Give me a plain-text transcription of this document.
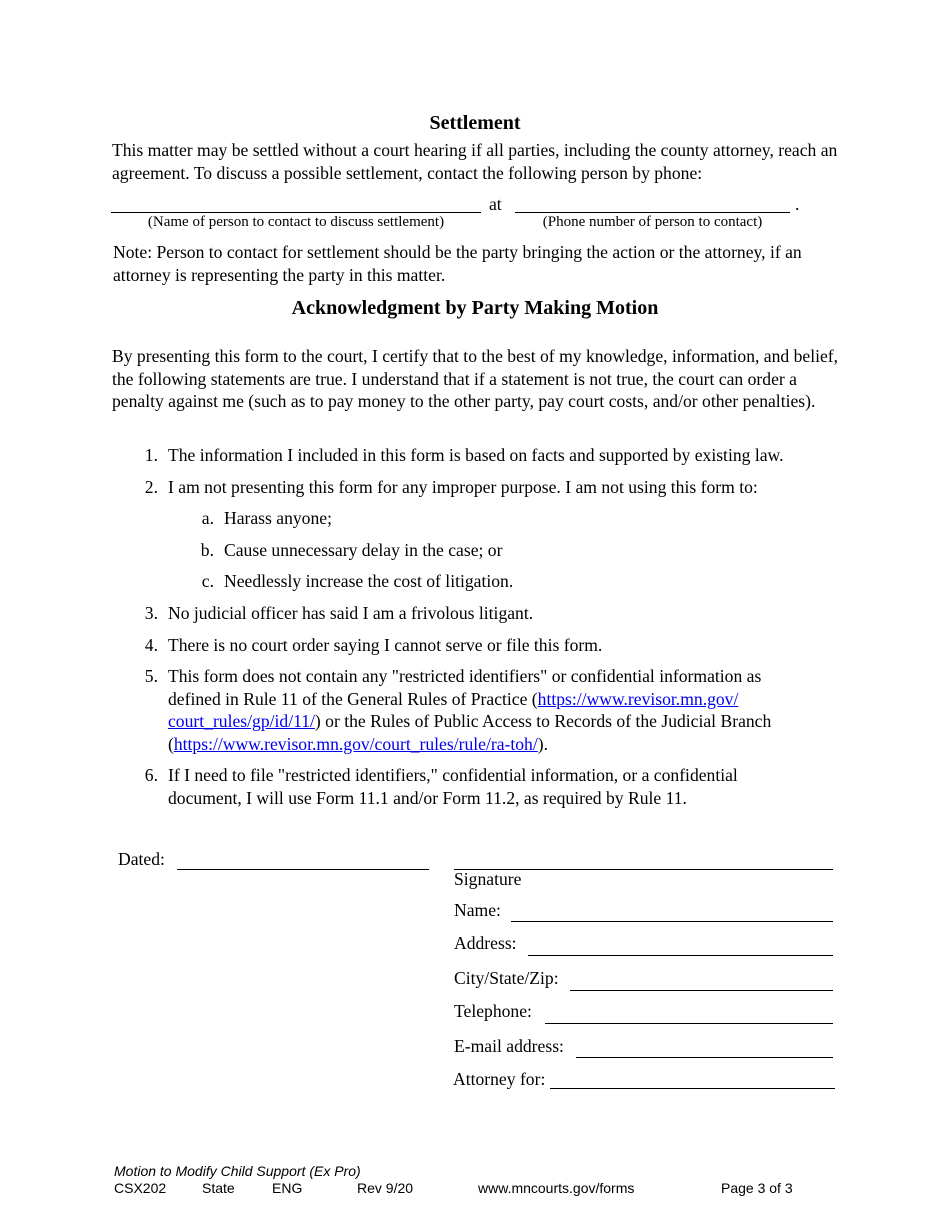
Settlement
This matter may be settled without a court hearing if all parties, including the county attorney, reach an agreement. To discuss a possible settlement, contact the following person by phone:
at	.
(Name of person to contact to discuss settlement)	(Phone number of person to contact)
Note: Person to contact for settlement should be the party bringing the action or the attorney, if an attorney is representing the party in this matter.
Acknowledgment by Party Making Motion
By presenting this form to the court, I certify that to the best of my knowledge, information, and belief, the following statements are true. I understand that if a statement is not true, the court can order a penalty against me (such as to pay money to the other party, pay court costs, and/or other penalties).
1. The information I included in this form is based on facts and supported by existing law.
2. I am not presenting this form for any improper purpose. I am not using this form to:
a. Harass anyone;
b. Cause unnecessary delay in the case; or
c. Needlessly increase the cost of litigation.
3. No judicial officer has said I am a frivolous litigant.
4. There is no court order saying I cannot serve or file this form.
5. This form does not contain any "restricted identifiers" or confidential information as defined in Rule 11 of the General Rules of Practice (https://www.revisor.mn.gov/
court_rules/gp/id/11/) or the Rules of Public Access to Records of the Judicial Branch (https://www.revisor.mn.gov/court_rules/rule/ra-toh/).
6. If I need to file "restricted identifiers," confidential information, or a confidential document, I will use Form 11.1 and/or Form 11.2, as required by Rule 11.
Dated:
Signature
Name:
Address:
City/State/Zip:
Telephone:
E-mail address:
Attorney for:
Motion to Modify Child Support (Ex Pro)
CSX202	State	ENG	Rev 9/20	www.mncourts.gov/forms	Page 3 of 3
